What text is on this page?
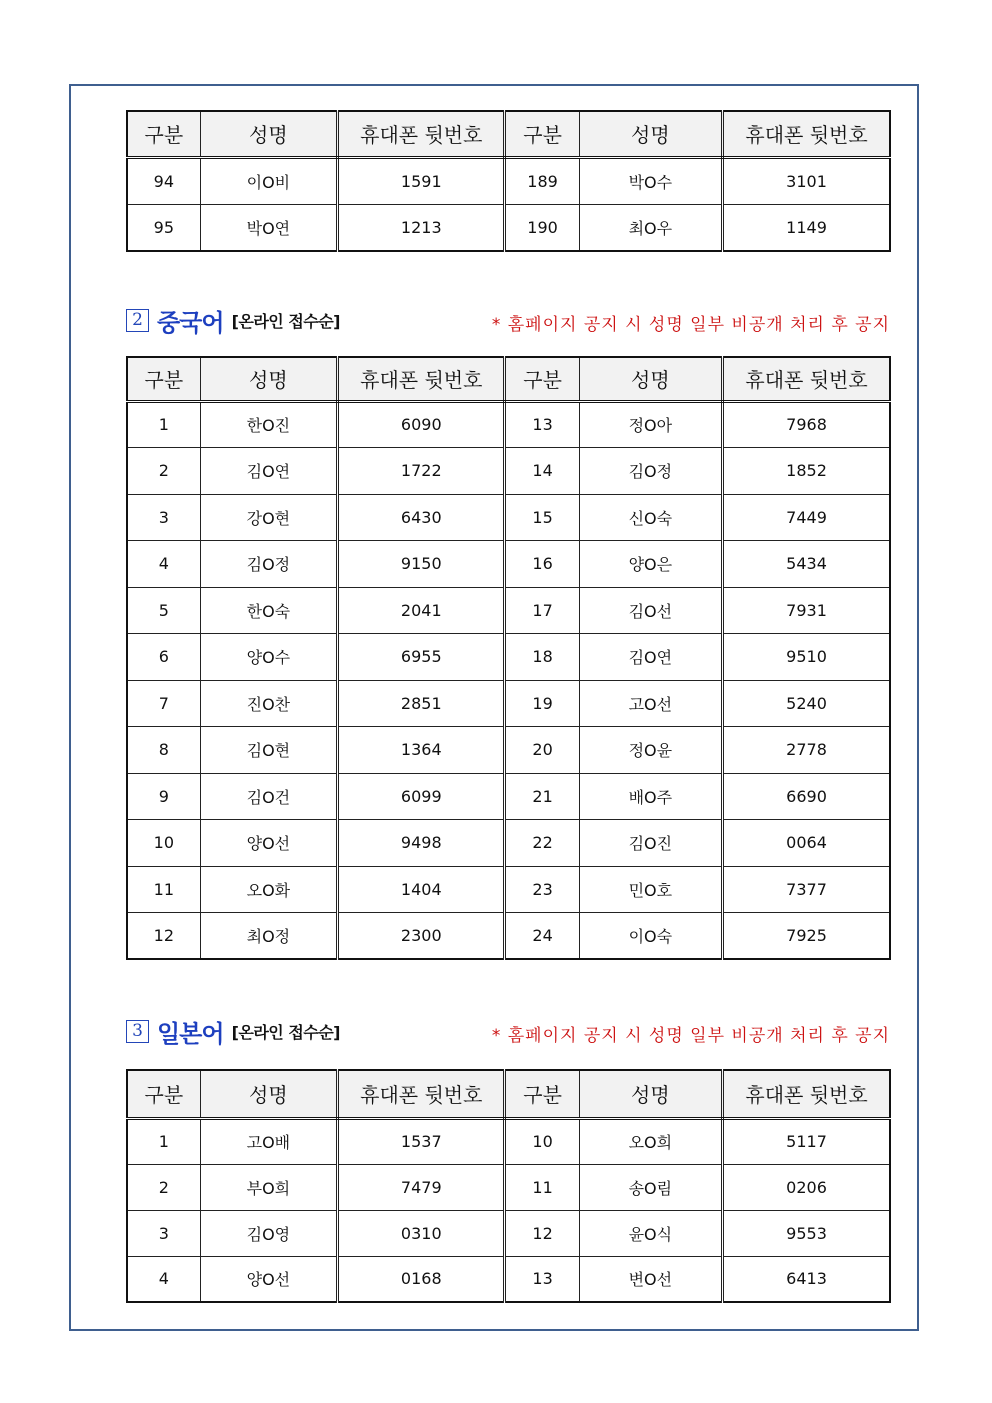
구분	성명	휴대폰 뒷번호	구분	성명	휴대폰 뒷번호
94	이O비	1591	189	박O수	3101
95	박O연	1213	190	최O우	1149
2 중국어 [온라인 접수순]	* 홈페이지 공지 시 성명 일부 비공개 처리 후 공지
구분	성명	휴대폰 뒷번호	구분	성명	휴대폰 뒷번호
1	한O진	6090	13	정O아	7968
2	김O연	1722	14	김O정	1852
3	강O현	6430	15	신O숙	7449
4	김O정	9150	16	양O은	5434
5	한O숙	2041	17	김O선	7931
6	양O수	6955	18	김O연	9510
7	진O찬	2851	19	고O선	5240
8	김O현	1364	20	정O윤	2778
9	김O건	6099	21	배O주	6690
10	양O선	9498	22	김O진	0064
11	오O화	1404	23	민O호	7377
12	최O정	2300	24	이O숙	7925
3 일본어 [온라인 접수순]	* 홈페이지 공지 시 성명 일부 비공개 처리 후 공지
구분	성명	휴대폰 뒷번호	구분	성명	휴대폰 뒷번호
1	고O배	1537	10	오O희	5117
2	부O희	7479	11	송O림	0206
3	김O영	0310	12	윤O식	9553
4	양O선	0168	13	변O선	6413
